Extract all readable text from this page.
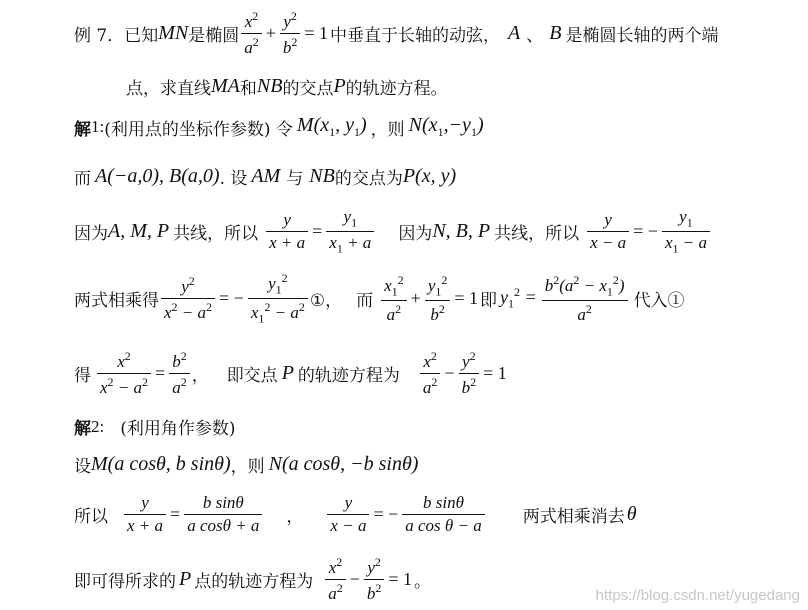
例 7．已知 MN 是椭圆 $\frac{x^2}{a^2} + \frac{y^2}{b^2} = 1$ 中垂直于长轴的动弦， A 、 B 是椭圆长轴的两个端
点，求直线 MA 和 NB 的交点 P 的轨迹方程。
解 1: (利用点的坐标作参数) 令 $M(x_1$, $y_1$) ，则 $N(x_1,-y_1)$
而 A(−a,0), B(a,0) . 设 AM 与 NB 的交点为 P(x, y)
因为 A, M, P 共线，所以 $\frac{y}{x + a} = \frac{y_1}{x_1 + a}$ 因为 N, B, P 共线，所以 $\frac{y}{x - a}$ = − $\frac{y_1}{x_1 - a}$
两式相乘得 $\frac{y^2}{x^2 - a^2}$ = − $\frac{y_1^2}{x_1^2 - a^2}$ ①， 而 $\frac{x_1^2}{a^2} + \frac{y_1^2}{b^2} = 1$ 即 $y_1^2 = \frac{b^2(a^2 - x_1^2)}{a^2}$ 代入①
得 $\frac{x^2}{x^2 - a^2} = \frac{b^2}{a^2}$ ， 即交点 P 的轨迹方程为 $\frac{x^2}{a^2} - \frac{y^2}{b^2} = 1$
解 2: (利用角作参数)
设 M(a cosθ, b sinθ) ，则 N(a cosθ, −b sinθ)
所以 $\frac{y}{x + a} = \frac{\text{b sinθ}}{\text{a cosθ + a}}$ ， $\frac{y}{x - a}$ = − $\frac{\text{b sinθ}}{\text{a cos θ − a}}$ 两式相乘消去 θ
即可得所求的 P 点的轨迹方程为 $\frac{x^2}{a^2} - \frac{y^2}{b^2} = 1$ 。
https://blog.csdn.net/yugedang
